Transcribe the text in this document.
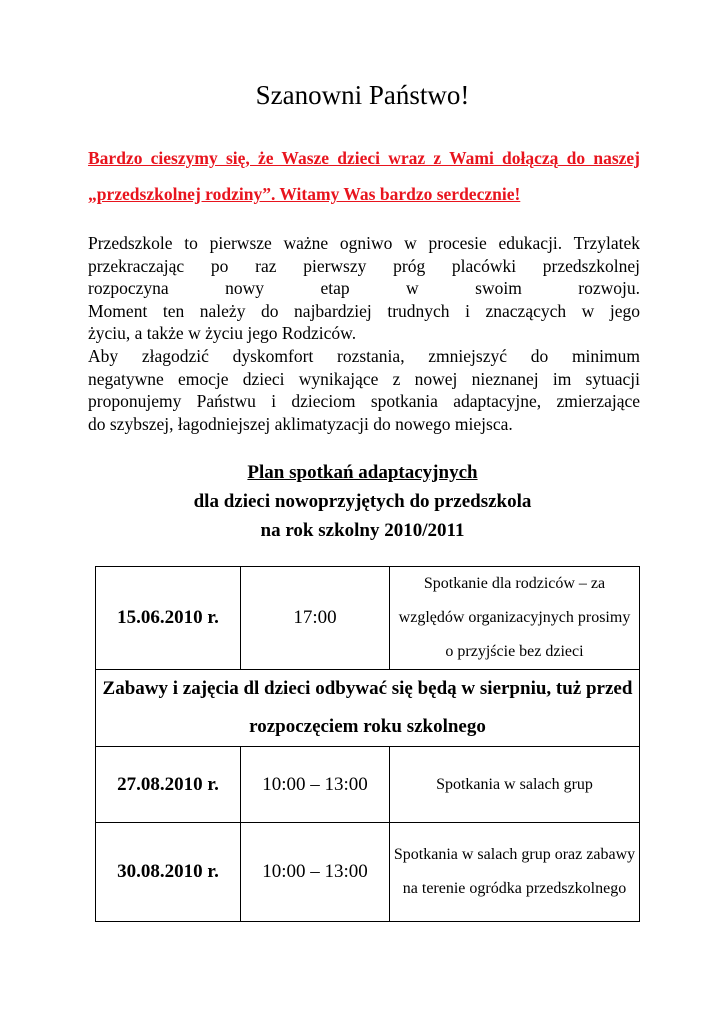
Szanowni Państwo!

Bardzo cieszymy się, że Wasze dzieci wraz z Wami dołączą do naszej „przedszkolnej rodziny”. Witamy Was bardzo serdecznie!

Przedszkole to pierwsze ważne ogniwo w procesie edukacji. Trzylatek
przekraczając po raz pierwszy próg placówki przedszkolnej
rozpoczyna nowy etap w swoim rozwoju.
Moment ten należy do najbardziej trudnych i znaczących w jego
życiu, a także w życiu jego Rodziców.
Aby złagodzić dyskomfort rozstania, zmniejszyć do minimum
negatywne emocje dzieci wynikające z nowej nieznanej im sytuacji
proponujemy Państwu i dzieciom spotkania adaptacyjne, zmierzające
do szybszej, łagodniejszej aklimatyzacji do nowego miejsca.
Plan spotkań adaptacyjnych
dla dzieci nowoprzyjętych do przedszkola
na rok szkolny 2010/2011
15.06.2010 r.	17:00	Spotkanie dla rodziców – za względów organizacyjnych prosimy o przyjście bez dzieci
Zabawy i zajęcia dl dzieci odbywać się będą w sierpniu, tuż przed rozpoczęciem roku szkolnego		
27.08.2010 r.	10:00 – 13:00	Spotkania w salach grup
30.08.2010 r.	10:00 – 13:00	Spotkania w salach grup oraz zabawy na terenie ogródka przedszkolnego
